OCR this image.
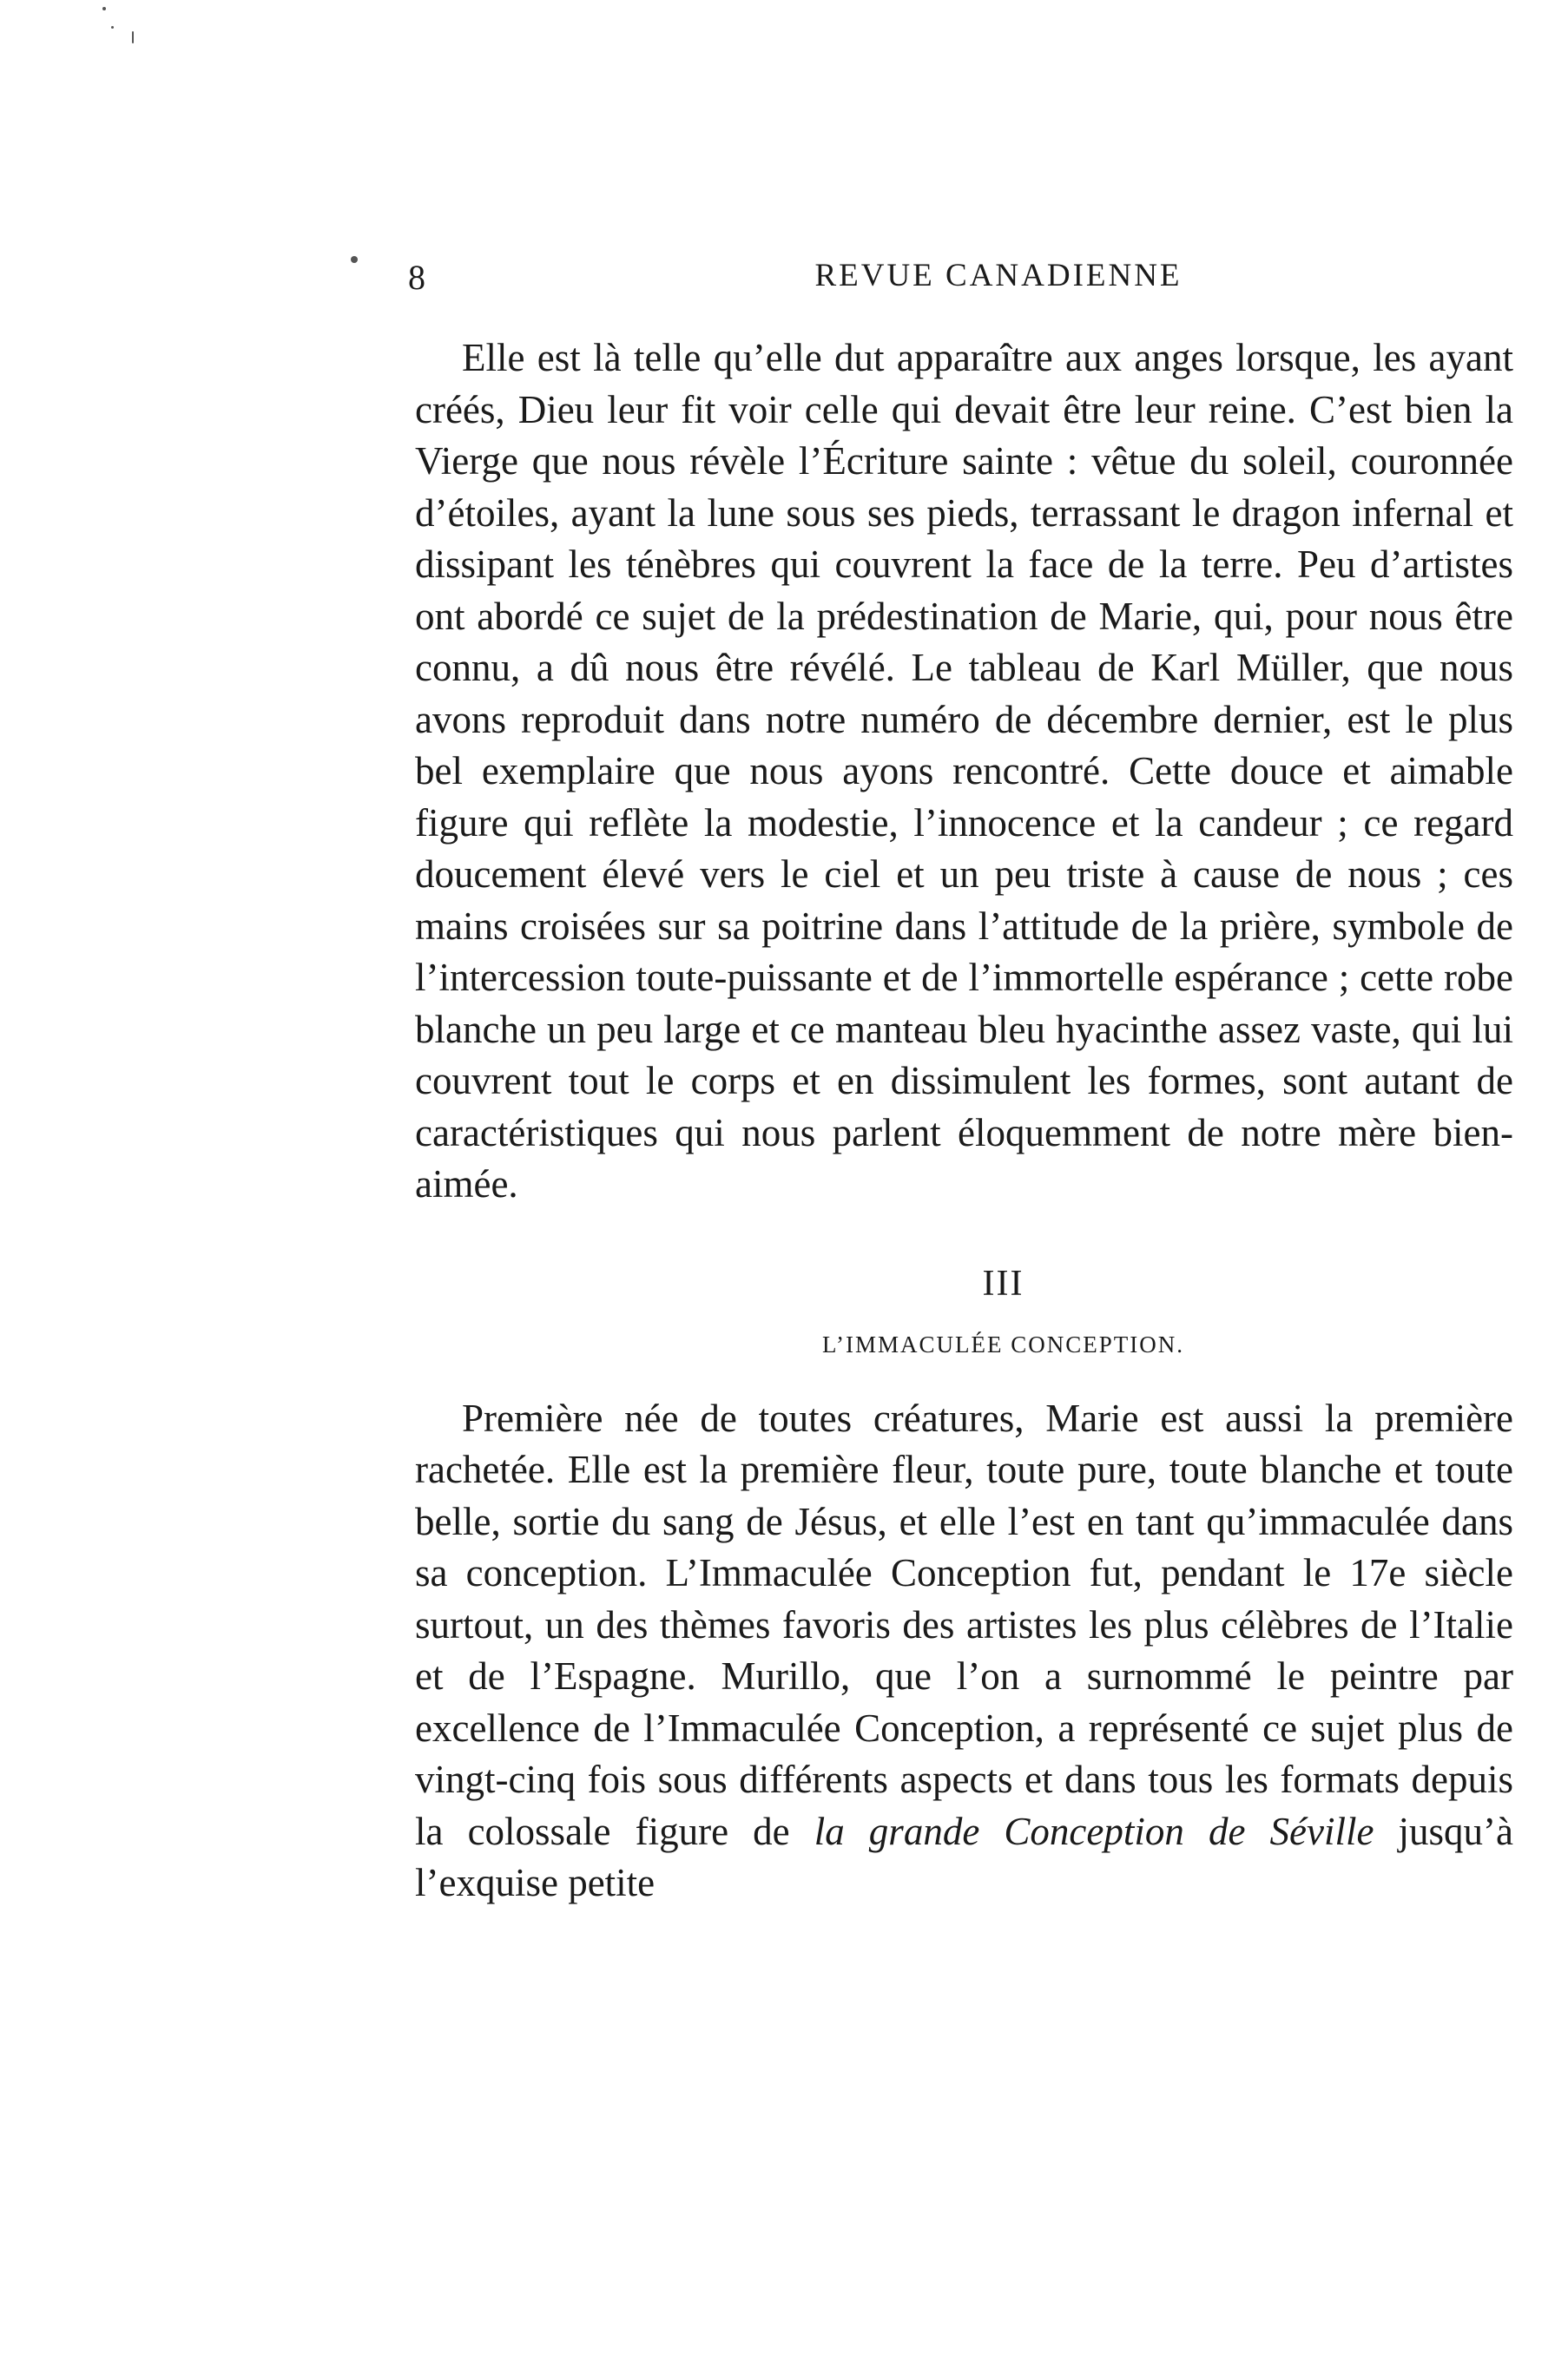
8	REVUE CANADIENNE

Elle est là telle qu’elle dut apparaître aux anges lorsque, les ayant créés, Dieu leur fit voir celle qui devait être leur reine. C’est bien la Vierge que nous révèle l’Écriture sainte : vêtue du soleil, couronnée d’étoiles, ayant la lune sous ses pieds, terrassant le dragon infernal et dissipant les ténèbres qui couvrent la face de la terre. Peu d’artistes ont abordé ce sujet de la prédestination de Marie, qui, pour nous être connu, a dû nous être révélé. Le tableau de Karl Müller, que nous avons reproduit dans notre numéro de décembre dernier, est le plus bel exemplaire que nous ayons rencontré. Cette douce et aimable figure qui reflète la modestie, l’innocence et la candeur ; ce regard doucement élevé vers le ciel et un peu triste à cause de nous ; ces mains croisées sur sa poitrine dans l’attitude de la prière, symbole de l’intercession toute-puissante et de l’immortelle espérance ; cette robe blanche un peu large et ce manteau bleu hyacinthe assez vaste, qui lui couvrent tout le corps et en dissimulent les formes, sont autant de caractéristiques qui nous parlent éloquemment de notre mère bien-aimée.

III
L’IMMACULÉE CONCEPTION.

Première née de toutes créatures, Marie est aussi la première rachetée. Elle est la première fleur, toute pure, toute blanche et toute belle, sortie du sang de Jésus, et elle l’est en tant qu’immaculée dans sa conception. L’Immaculée Conception fut, pendant le 17e siècle surtout, un des thèmes favoris des artistes les plus célèbres de l’Italie et de l’Espagne. Murillo, que l’on a surnommé le peintre par excellence de l’Immaculée Conception, a représenté ce sujet plus de vingt-cinq fois sous différents aspects et dans tous les formats depuis la colossale figure de la grande Conception de Séville jusqu’à l’exquise petite
